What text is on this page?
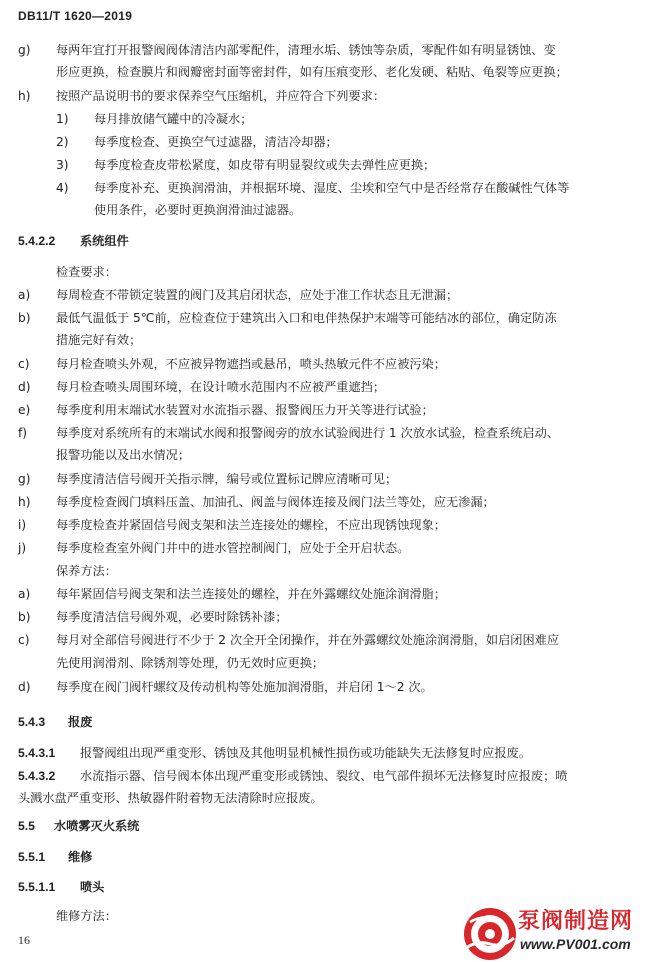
DB11/T 1620—2019
g) 每两年宜打开报警阀阀体清洁内部零配件，清理水垢、锈蚀等杂质，零配件如有明显锈蚀、变
形应更换，检查膜片和阀瓣密封面等密封件，如有压痕变形、老化发硬、粘贴、龟裂等应更换；
h) 按照产品说明书的要求保养空气压缩机，并应符合下列要求：
1) 每月排放储气罐中的冷凝水；
2) 每季度检查、更换空气过滤器，清洁冷却器；
3) 每季度检查皮带松紧度，如皮带有明显裂纹或失去弹性应更换；
4) 每季度补充、更换润滑油，并根据环境、湿度、尘埃和空气中是否经常存在酸碱性气体等
使用条件，必要时更换润滑油过滤器。
5.4.2.2 系统组件
检查要求：
a) 每周检查不带锁定装置的阀门及其启闭状态，应处于准工作状态且无泄漏；
b) 最低气温低于 5℃前，应检查位于建筑出入口和电伴热保护末端等可能结冰的部位，确定防冻
措施完好有效；
c) 每月检查喷头外观，不应被异物遮挡或悬吊，喷头热敏元件不应被污染；
d) 每月检查喷头周围环境，在设计喷水范围内不应被严重遮挡；
e) 每季度利用末端试水装置对水流指示器、报警阀压力开关等进行试验；
f) 每季度对系统所有的末端试水阀和报警阀旁的放水试验阀进行 1 次放水试验，检查系统启动、
报警功能以及出水情况；
g) 每季度清洁信号阀开关指示牌，编号或位置标记牌应清晰可见；
h) 每季度检查阀门填料压盖、加油孔、阀盖与阀体连接及阀门法兰等处，应无渗漏；
i) 每季度检查并紧固信号阀支架和法兰连接处的螺栓，不应出现锈蚀现象；
j) 每季度检查室外阀门井中的进水管控制阀门，应处于全开启状态。
保养方法：
a) 每年紧固信号阀支架和法兰连接处的螺栓，并在外露螺纹处施涂润滑脂；
b) 每季度清洁信号阀外观，必要时除锈补漆；
c) 每月对全部信号阀进行不少于 2 次全开全闭操作，并在外露螺纹处施涂润滑脂，如启闭困难应
先使用润滑剂、除锈剂等处理，仍无效时应更换；
d) 每季度在阀门阀杆螺纹及传动机构等处施加润滑脂，并启闭 1～2 次。
5.4.3 报废
5.4.3.1 报警阀组出现严重变形、锈蚀及其他明显机械性损伤或功能缺失无法修复时应报废。
5.4.3.2 水流指示器、信号阀本体出现严重变形或锈蚀、裂纹、电气部件损坏无法修复时应报废；喷
头溅水盘严重变形、热敏器件附着物无法清除时应报废。
5.5 水喷雾灭火系统
5.5.1 维修
5.5.1.1 喷头
维修方法：
16
泵阀制造网
www.PV001.com
